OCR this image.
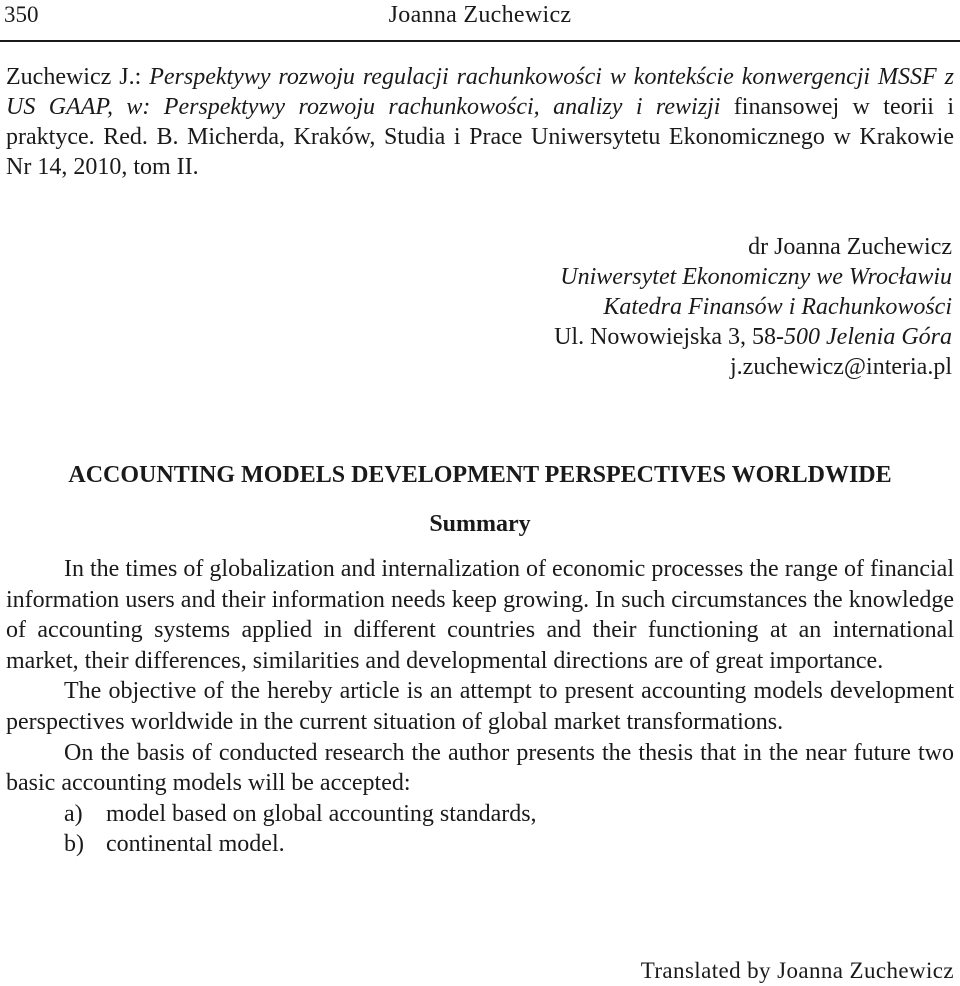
350	Joanna Zuchewicz
Zuchewicz J.: Perspektywy rozwoju regulacji rachunkowości w kontekście konwergencji MSSF z US GAAP, w: Perspektywy rozwoju rachunkowości, analizy i rewizji finansowej w teorii i praktyce. Red. B. Micherda, Kraków, Studia i Prace Uniwersytetu Ekonomicznego w Krakowie Nr 14, 2010, tom II.
dr Joanna Zuchewicz
Uniwersytet Ekonomiczny we Wrocławiu
Katedra Finansów i Rachunkowości
Ul. Nowowiejska 3, 58-500 Jelenia Góra
j.zuchewicz@interia.pl
ACCOUNTING MODELS DEVELOPMENT PERSPECTIVES WORLDWIDE
Summary

In the times of globalization and internalization of economic processes the range of financial information users and their information needs keep growing. In such circumstances the knowledge of accounting systems applied in different countries and their functioning at an international market, their differences, similarities and developmental directions are of great importance.

The objective of the hereby article is an attempt to present accounting models development perspectives worldwide in the current situation of global market transformations.

On the basis of conducted research the author presents the thesis that in the near future two basic accounting models will be accepted:

a) model based on global accounting standards,
b) continental model.
Translated by Joanna Zuchewicz
